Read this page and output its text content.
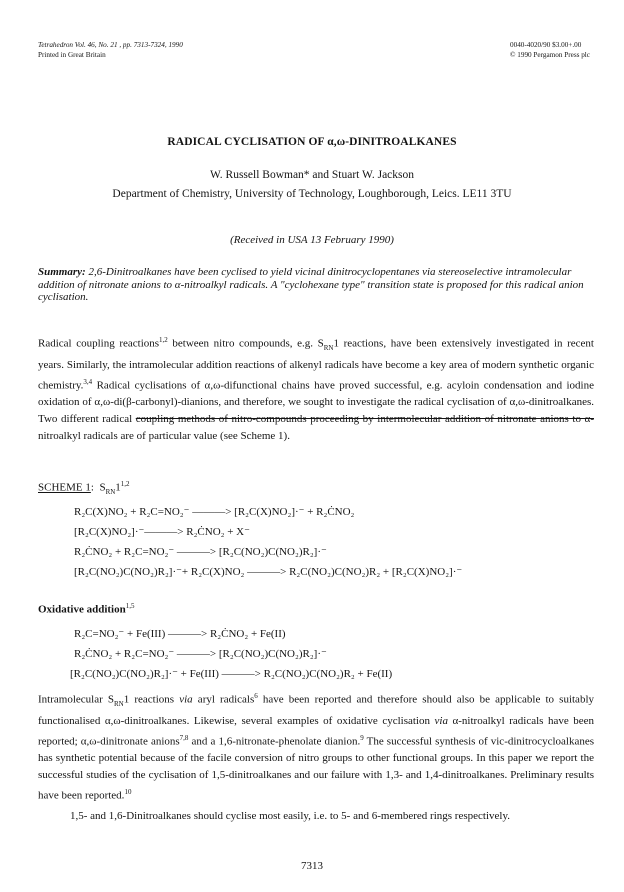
Tetrahedron Vol. 46, No. 21 , pp. 7313-7324, 1990
Printed in Great Britain
0040-4020/90 $3.00+.00
© 1990 Pergamon Press plc
RADICAL CYCLISATION OF α,ω-DINITROALKANES
W. Russell Bowman* and Stuart W. Jackson
Department of Chemistry, University of Technology, Loughborough, Leics. LE11 3TU
(Received in USA 13 February 1990)
Summary: 2,6-Dinitroalkanes have been cyclised to yield vicinal dinitrocyclopentanes via stereoselective intramolecular addition of nitronate anions to α-nitroalkyl radicals. A "cyclohexane type" transition state is proposed for this radical anion cyclisation.
Radical coupling reactions$^{1,2}$ between nitro compounds, e.g. $S_{RN}1$ reactions, have been extensively investigated in recent years. Similarly, the intramolecular addition reactions of alkenyl radicals have become a key area of modern synthetic organic chemistry.$^{3,4}$ Radical cyclisations of α,ω-difunctional chains have proved successful, e.g. acyloin condensation and iodine oxidation of α,ω-di(β-carbonyl)-dianions, and therefore, we sought to investigate the radical cyclisation of α,ω-dinitroalkanes. Two different radical coupling methods of nitro-compounds proceeding by intermolecular addition of nitronate anions to α- nitroalkyl radicals are of particular value (see Scheme 1).
SCHEME 1: $S_{RN}1^{1,2}$
R₂C(X)NO₂ + R₂C=NO₂⁻ ———> [R₂C(X)NO₂]·⁻ + R₂ĊNO₂
[R₂C(X)NO₂]·⁻———> R₂ĊNO₂ + X⁻
R₂ĊNO₂ + R₂C=NO₂⁻ ———> [R₂C(NO₂)C(NO₂)R₂]·⁻
[R₂C(NO₂)C(NO₂)R₂]·⁻+ R₂C(X)NO₂ ———> R₂C(NO₂)C(NO₂)R₂ + [R₂C(X)NO₂]·⁻
Oxidative addition$^{1,5}$
R₂C=NO₂⁻ + Fe(III) ———> R₂ĊNO₂ + Fe(II)
R₂ĊNO₂ + R₂C=NO₂⁻ ———> [R₂C(NO₂)C(NO₂)R₂]·⁻
[R₂C(NO₂)C(NO₂)R₂]·⁻ + Fe(III) ———> R₂C(NO₂)C(NO₂)R₂ + Fe(II)
Intramolecular $S_{RN}1$ reactions via aryl radicals$^6$ have been reported and therefore should also be applicable to suitably functionalised α,ω-dinitroalkanes. Likewise, several examples of oxidative cyclisation via α-nitroalkyl radicals have been reported; α,ω-dinitronate anions$^{7,8}$ and a 1,6-nitronate-phenolate dianion.$^9$ The successful synthesis of vic-dinitrocycloalkanes has synthetic potential because of the facile conversion of nitro groups to other functional groups. In this paper we report the successful studies of the cyclisation of 1,5-dinitroalkanes and our failure with 1,3- and 1,4-dinitroalkanes. Preliminary results have been reported.$^{10}$
1,5- and 1,6-Dinitroalkanes should cyclise most easily, i.e. to 5- and 6-membered rings respectively.
7313
